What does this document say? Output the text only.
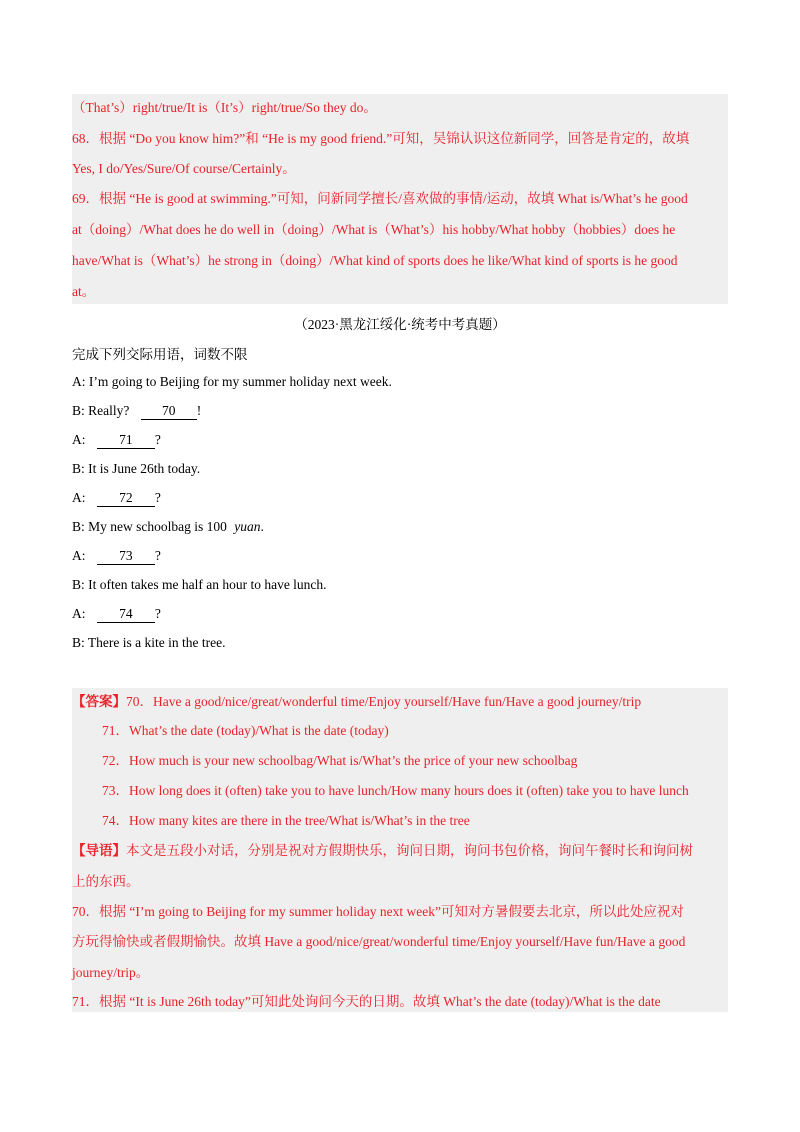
（That’s）right/true/It is（It’s）right/true/So they do。
68．根据 “Do you know him?”和 “He is my good friend.”可知，吴锦认识这位新同学，回答是肯定的，故填
Yes, I do/Yes/Sure/Of course/Certainly。
69．根据 “He is good at swimming.”可知，问新同学擅长/喜欢做的事情/运动，故填 What is/What’s he good
at（doing）/What does he do well in（doing）/What is（What’s）his hobby/What hobby（hobbies）does he
have/What is（What’s）he strong in（doing）/What kind of sports does he like/What kind of sports is he good
at。
（2023·黑龙江绥化·统考中考真题）
完成下列交际用语，词数不限
A: I’m going to Beijing for my summer holiday next week.
B: Really? 70 !
A: 71 ?
B: It is June 26th today.
A: 72 ?
B: My new schoolbag is 100 yuan.
A: 73 ?
B: It often takes me half an hour to have lunch.
A: 74 ?
B: There is a kite in the tree.
【答案】70．Have a good/nice/great/wonderful time/Enjoy yourself/Have fun/Have a good journey/trip
71．What’s the date (today)/What is the date (today)
72．How much is your new schoolbag/What is/What’s the price of your new schoolbag
73．How long does it (often) take you to have lunch/How many hours does it (often) take you to have lunch
74．How many kites are there in the tree/What is/What’s in the tree
【导语】本文是五段小对话，分别是祝对方假期快乐，询问日期，询问书包价格，询问午餐时长和询问树
上的东西。
70．根据 “I’m going to Beijing for my summer holiday next week”可知对方暑假要去北京，所以此处应祝对
方玩得愉快或者假期愉快。故填 Have a good/nice/great/wonderful time/Enjoy yourself/Have fun/Have a good
journey/trip。
71．根据 “It is June 26th today”可知此处询问今天的日期。故填 What’s the date (today)/What is the date
